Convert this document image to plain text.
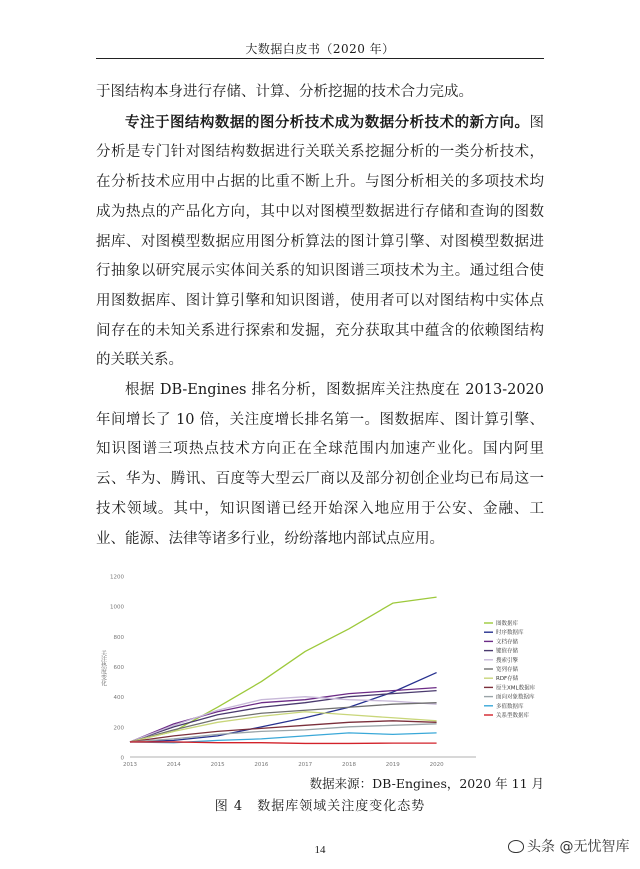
大数据白皮书（2020 年）

于图结构本身进行存储、计算、分析挖掘的技术合力完成。

专注于图结构数据的图分析技术成为数据分析技术的新方向。图分析是专门针对图结构数据进行关联关系挖掘分析的一类分析技术，在分析技术应用中占据的比重不断上升。与图分析相关的多项技术均成为热点的产品化方向，其中以对图模型数据进行存储和查询的图数据库、对图模型数据应用图分析算法的图计算引擎、对图模型数据进行抽象以研究展示实体间关系的知识图谱三项技术为主。通过组合使用图数据库、图计算引擎和知识图谱，使用者可以对图结构中实体点间存在的未知关系进行探索和发掘，充分获取其中蕴含的依赖图结构的关联关系。

根据 DB-Engines 排名分析，图数据库关注热度在 2013-2020 年间增长了 10 倍，关注度增长排名第一。图数据库、图计算引擎、知识图谱三项热点技术方向正在全球范围内加速产业化。国内阿里云、华为、腾讯、百度等大型云厂商以及部分初创企业均已布局这一技术领域。其中，知识图谱已经开始深入地应用于公安、金融、工业、能源、法律等诸多行业，纷纷落地内部试点应用。

0
200
400
600
800
1000
1200
2013	2014	2015	2016	2017	2018	2019	2020
关注热度变化
图数据库
时序数据库
文档存储
键值存储
搜索引擎
宽列存储
RDF存储
原生XML数据库
面向对象数据库
多值数据库
关系型数据库
数据来源：DB-Engines，2020 年 11 月
图 4　数据库领域关注度变化态势
14	头条 @无忧智库
